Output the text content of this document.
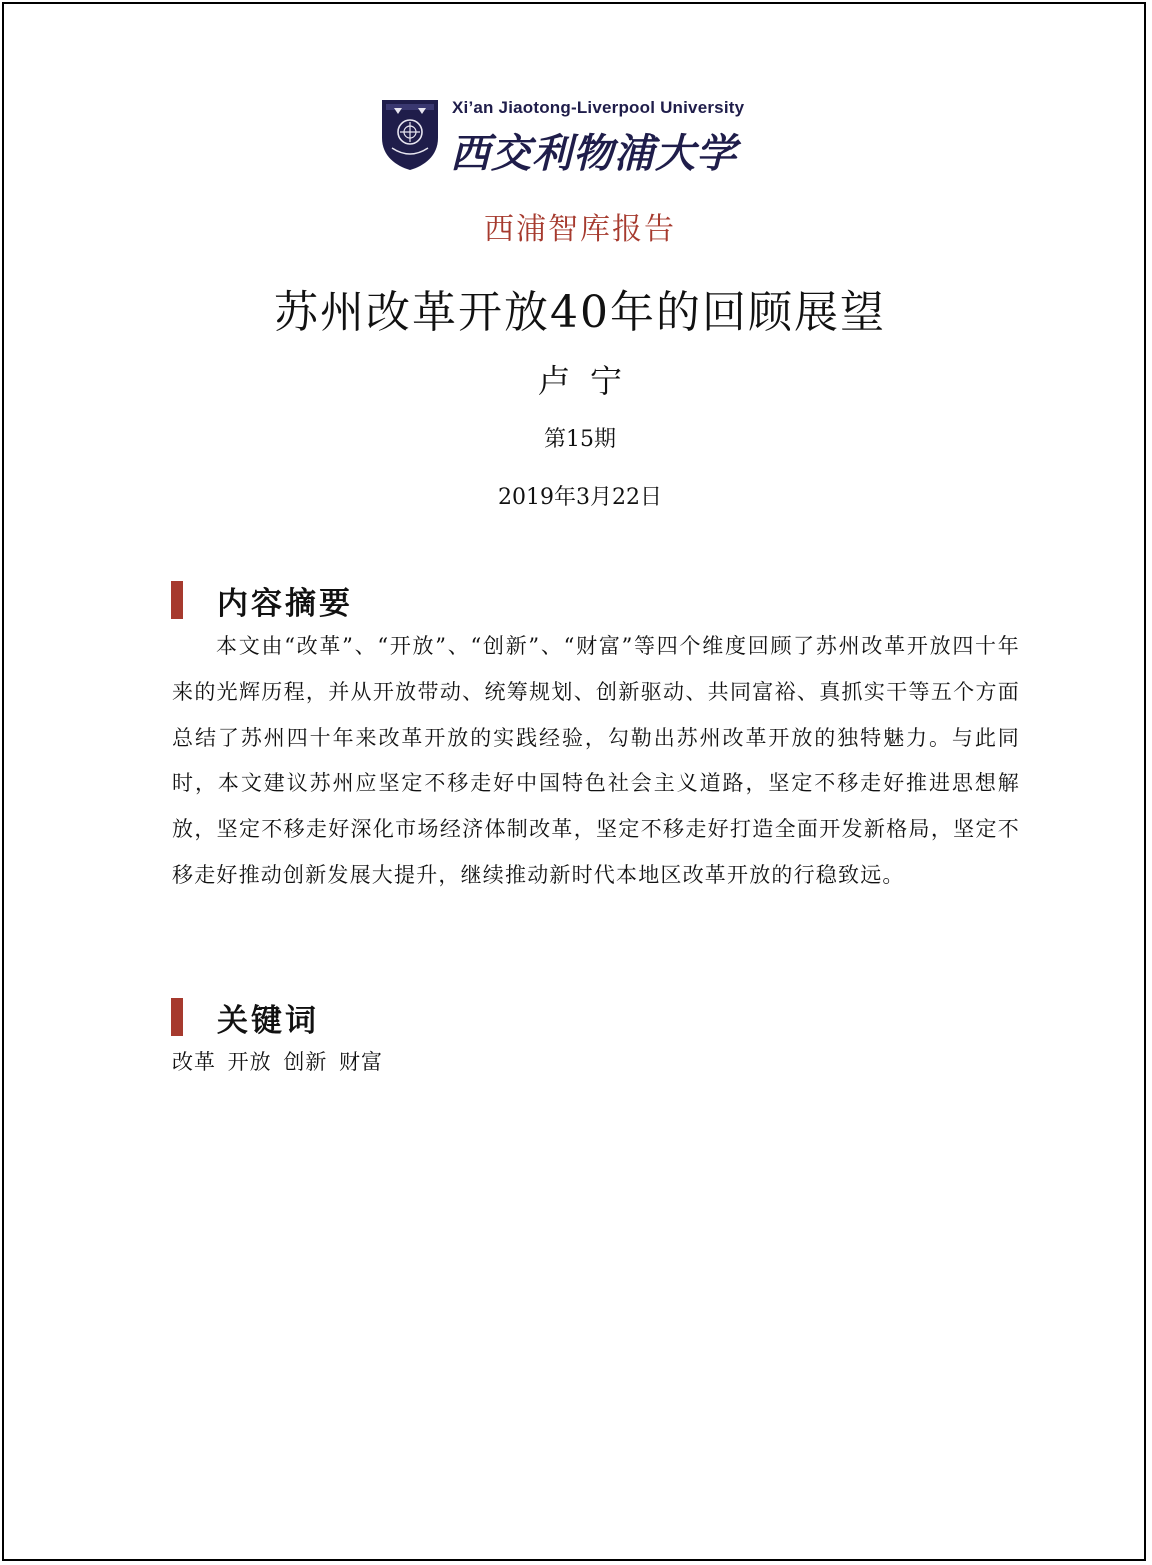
Xi’an Jiaotong-Liverpool University
西交利物浦大学
西浦智库报告
苏州改革开放40年的回顾展望
卢宁
第15期
2019年3月22日
内容摘要

本文由“改革”、“开放”、“创新”、“财富”等四个维度回顾了苏州改革开放四十年来的光辉历程，并从开放带动、统筹规划、创新驱动、共同富裕、真抓实干等五个方面总结了苏州四十年来改革开放的实践经验，勾勒出苏州改革开放的独特魅力。与此同时，本文建议苏州应坚定不移走好中国特色社会主义道路，坚定不移走好推进思想解放，坚定不移走好深化市场经济体制改革，坚定不移走好打造全面开发新格局，坚定不移走好推动创新发展大提升，继续推动新时代本地区改革开放的行稳致远。

关键词
改革 开放 创新 财富
